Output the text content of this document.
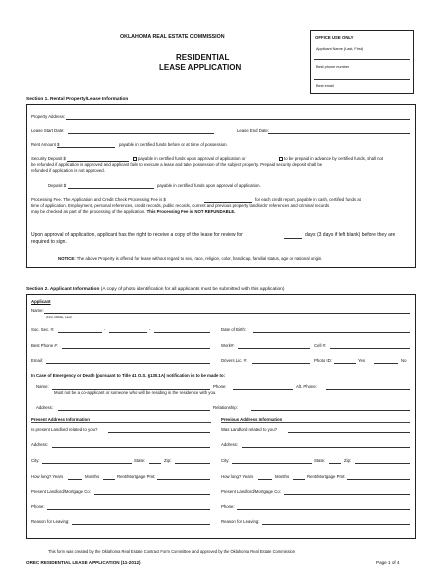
OKLAHOMA REAL ESTATE COMMISSION
RESIDENTIAL
LEASE APPLICATION
OFFICE USE ONLY
Applicant Name (Last, First)
Best phone number
Best email
Section 1. Rental Property/Lease Information
Property Address:
Lease Start Date:	Lease End Date:
Rent Amount $	payable in certified funds before or at time of possession.
Security Deposit $	payable in certified funds upon approval of application or	to be prepaid in advance by certified funds, shall not
be refunded if application is approved and applicant fails to execute a lease and take possession of the subject property. Prepaid security deposit shall be
refunded if application is not approved.
Deposit $	payable in certified funds upon approval of application.
Processing Fee. The Application and Credit Check Processing Fee is $	for each credit report, payable in cash, certified funds at
time of application. Employment, personal references, credit records, public records, current and previous property landlords' references and criminal records
may be checked as part of the processing of the application. This Processing Fee is NOT REFUNDABLE.
Upon approval of application, applicant has the right to receive a copy of the lease for review for	days (3 days if left blank) before they are
required to sign.
NOTICE: The above Property is offered for lease without regard to sex, race, religion, color, handicap, familial status, age or national origin.
Section 2. Applicant Information (A copy of photo identification for all applicants must be submitted with this application)
Applicant
Name:
(First, Middle, Last)
Soc. Sec. #:	-	-	Date of Birth:
Best Phone #:	Work#:	Cell #:
Email:	Drivers Lic. #:	Photo ID:	Yes	No
In Case of Emergency or Death (pursuant to Title 41 O.S. §130.1A) notification is to be made to:
Name:	Phone:	Alt. Phone:
Must not be a co-applicant or someone who will be residing in the residence with you.
Address:	Relationship:
Present Address Information
Is present Landlord related to you?
Address:
City:	State:	Zip:
How long? Years	Months	Rent/Mortgage Pmt:
Present Landlord/Mortgage Co:
Phone:
Reason for Leaving:
Previous Address Information
Was Landlord related to you?
Address:
City:	State:	Zip:
How long? Years	Months	Rent/Mortgage Pmt:
Present Landlord/Mortgage Co:
Phone:
Reason for Leaving:
This form was created by the Oklahoma Real Estate Contract Form Committee and approved by the Oklahoma Real Estate Commission
OREC RESIDENTIAL LEASE APPLICATION (11-2012)	Page 1 of 4
